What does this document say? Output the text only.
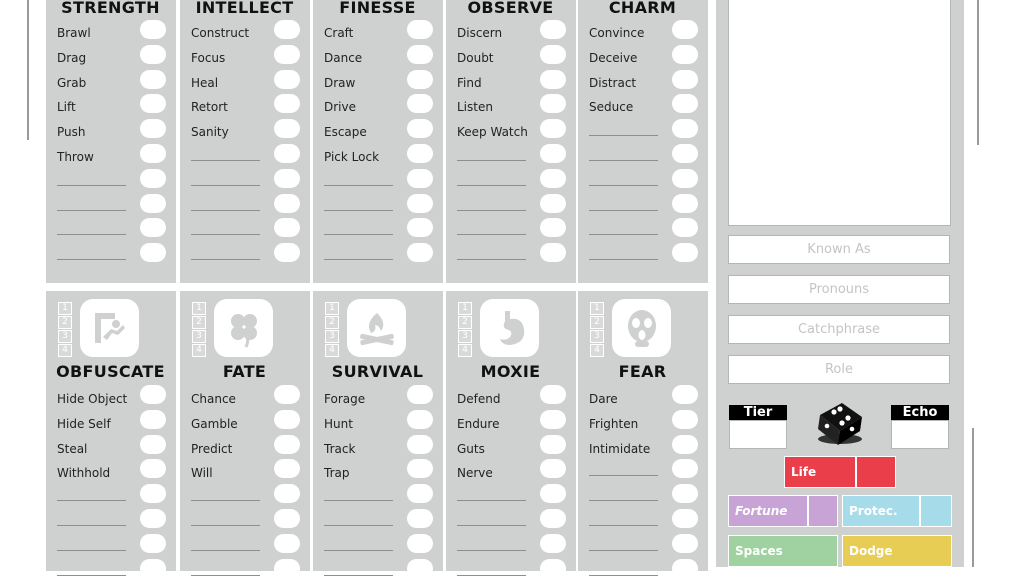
STRENGTH
Brawl
Drag
Grab
Lift
Push
Throw
INTELLECT
Construct
Focus
Heal
Retort
Sanity
FINESSE
Craft
Dance
Draw
Drive
Escape
Pick Lock
OBSERVE
Discern
Doubt
Find
Listen
Keep Watch
CHARM
Convince
Deceive
Distract
Seduce
1
2
3
4
OBFUSCATE
Hide Object
Hide Self
Steal
Withhold
1
2
3
4
FATE
Chance
Gamble
Predict
Will
1
2
3
4
SURVIVAL
Forage
Hunt
Track
Trap
1
2
3
4
MOXIE
Defend
Endure
Guts
Nerve
1
2
3
4
FEAR
Dare
Frighten
Intimidate
Known As
Pronouns
Catchphrase
Role
Tier	Echo
Life
Fortune	Protec.
Spaces	Dodge
